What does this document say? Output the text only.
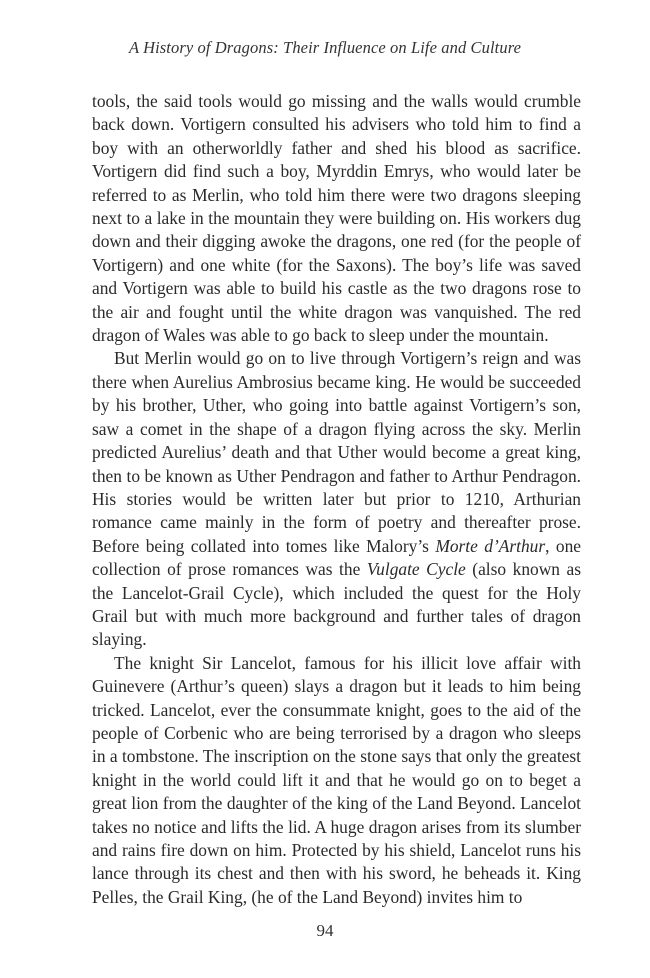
A History of Dragons: Their Influence on Life and Culture

tools, the said tools would go missing and the walls would crumble back down. Vortigern consulted his advisers who told him to find a boy with an otherworldly father and shed his blood as sacrifice. Vortigern did find such a boy, Myrddin Emrys, who would later be referred to as Merlin, who told him there were two dragons sleeping next to a lake in the mountain they were building on. His workers dug down and their digging awoke the dragons, one red (for the people of Vortigern) and one white (for the Saxons). The boy’s life was saved and Vortigern was able to build his castle as the two dragons rose to the air and fought until the white dragon was vanquished. The red dragon of Wales was able to go back to sleep under the mountain.

But Merlin would go on to live through Vortigern’s reign and was there when Aurelius Ambrosius became king. He would be succeeded by his brother, Uther, who going into battle against Vortigern’s son, saw a comet in the shape of a dragon flying across the sky. Merlin predicted Aurelius’ death and that Uther would become a great king, then to be known as Uther Pendragon and father to Arthur Pendragon. His stories would be written later but prior to 1210, Arthurian romance came mainly in the form of poetry and thereafter prose. Before being collated into tomes like Malory’s Morte d’Arthur, one collection of prose romances was the Vulgate Cycle (also known as the Lancelot-Grail Cycle), which included the quest for the Holy Grail but with much more background and further tales of dragon slaying.

The knight Sir Lancelot, famous for his illicit love affair with Guinevere (Arthur’s queen) slays a dragon but it leads to him being tricked. Lancelot, ever the consummate knight, goes to the aid of the people of Corbenic who are being terrorised by a dragon who sleeps in a tombstone. The inscription on the stone says that only the greatest knight in the world could lift it and that he would go on to beget a great lion from the daughter of the king of the Land Beyond. Lancelot takes no notice and lifts the lid. A huge dragon arises from its slumber and rains fire down on him. Protected by his shield, Lancelot runs his lance through its chest and then with his sword, he beheads it. King Pelles, the Grail King, (he of the Land Beyond) invites him to

94
